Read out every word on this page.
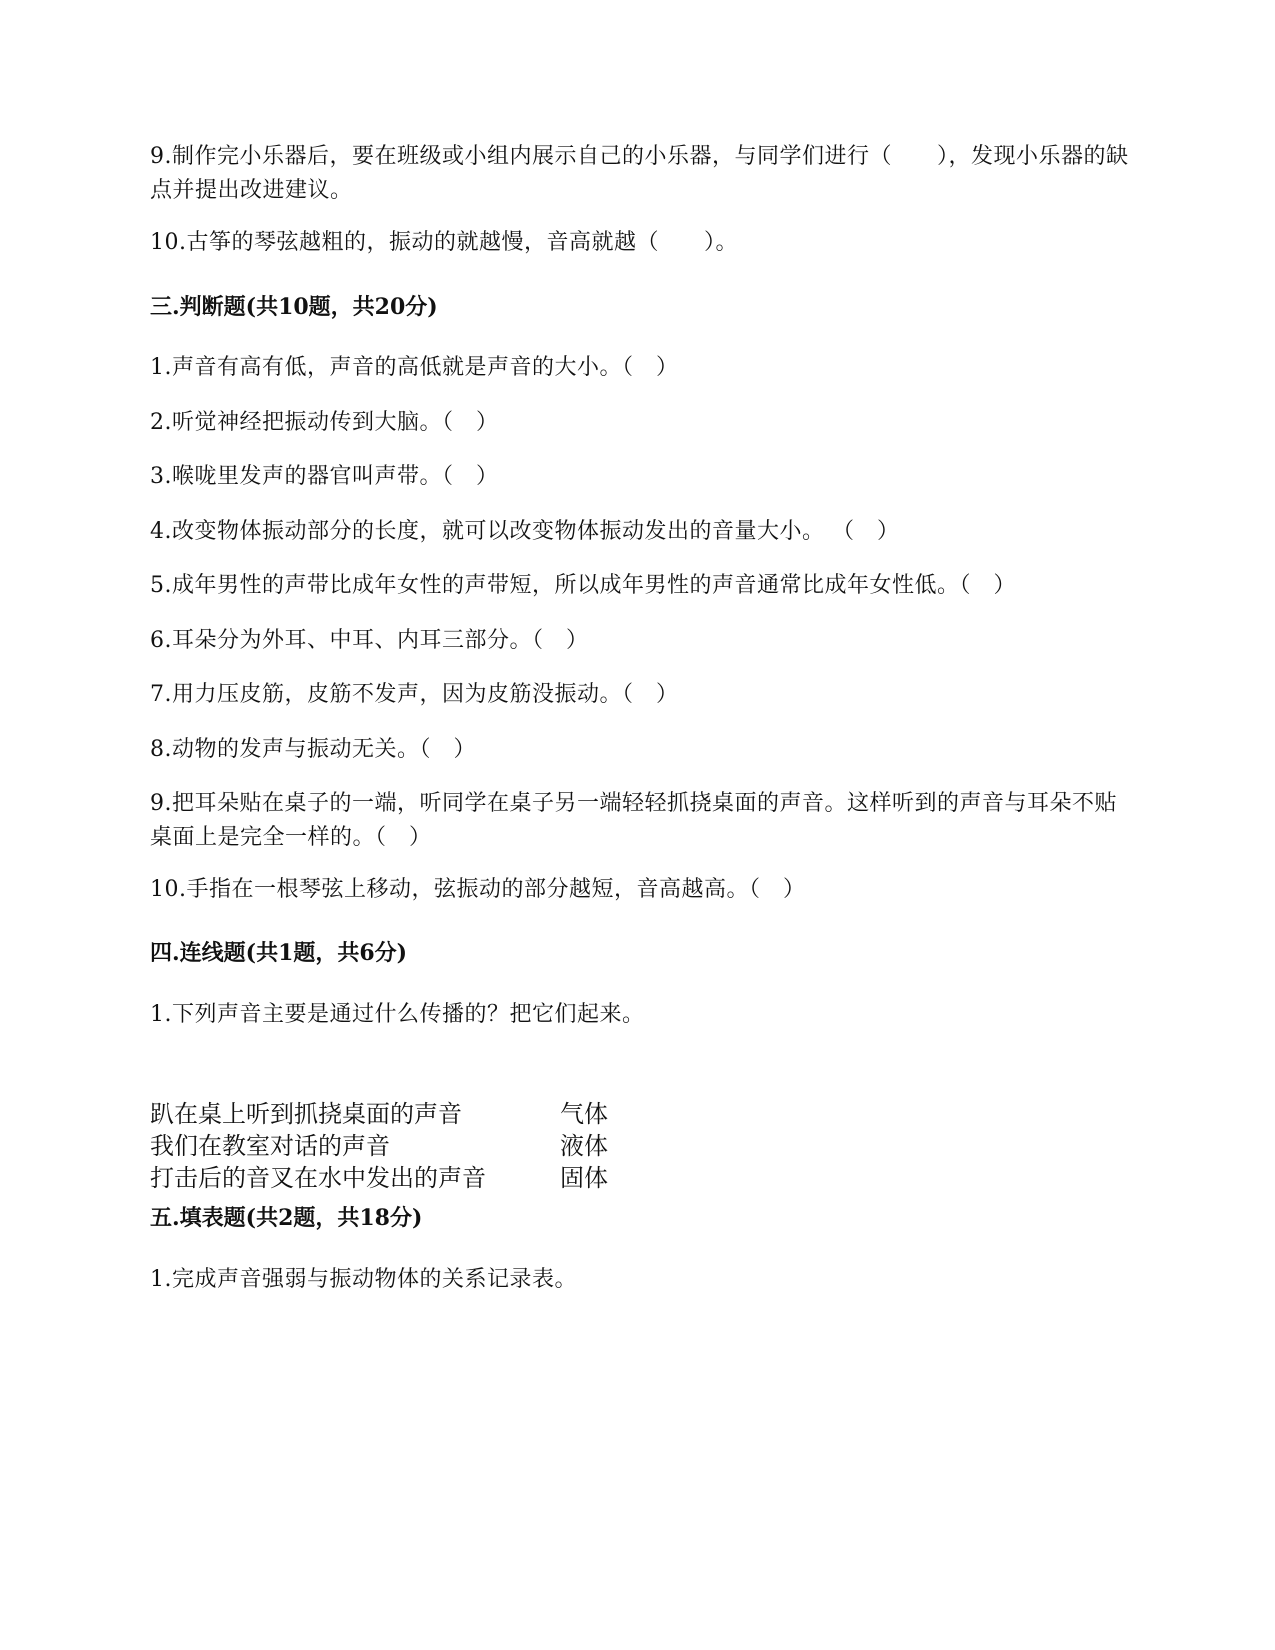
9.制作完小乐器后，要在班级或小组内展示自己的小乐器，与同学们进行（　　），发现小乐器的缺点并提出改进建议。
10.古筝的琴弦越粗的，振动的就越慢，音高就越（　　）。
三.判断题(共10题，共20分)
1.声音有高有低，声音的高低就是声音的大小。（　）
2.听觉神经把振动传到大脑。（　）
3.喉咙里发声的器官叫声带。（　）
4.改变物体振动部分的长度，就可以改变物体振动发出的音量大小。 （　）
5.成年男性的声带比成年女性的声带短，所以成年男性的声音通常比成年女性低。（　）
6.耳朵分为外耳、中耳、内耳三部分。（　）
7.用力压皮筋，皮筋不发声，因为皮筋没振动。（　）
8.动物的发声与振动无关。（　）
9.把耳朵贴在桌子的一端，听同学在桌子另一端轻轻抓挠桌面的声音。这样听到的声音与耳朵不贴桌面上是完全一样的。（　）
10.手指在一根琴弦上移动，弦振动的部分越短，音高越高。（　）
四.连线题(共1题，共6分)
1.下列声音主要是通过什么传播的？把它们起来。
趴在桌上听到抓挠桌面的声音	气体
我们在教室对话的声音	液体
打击后的音叉在水中发出的声音	固体
五.填表题(共2题，共18分)
1.完成声音强弱与振动物体的关系记录表。
